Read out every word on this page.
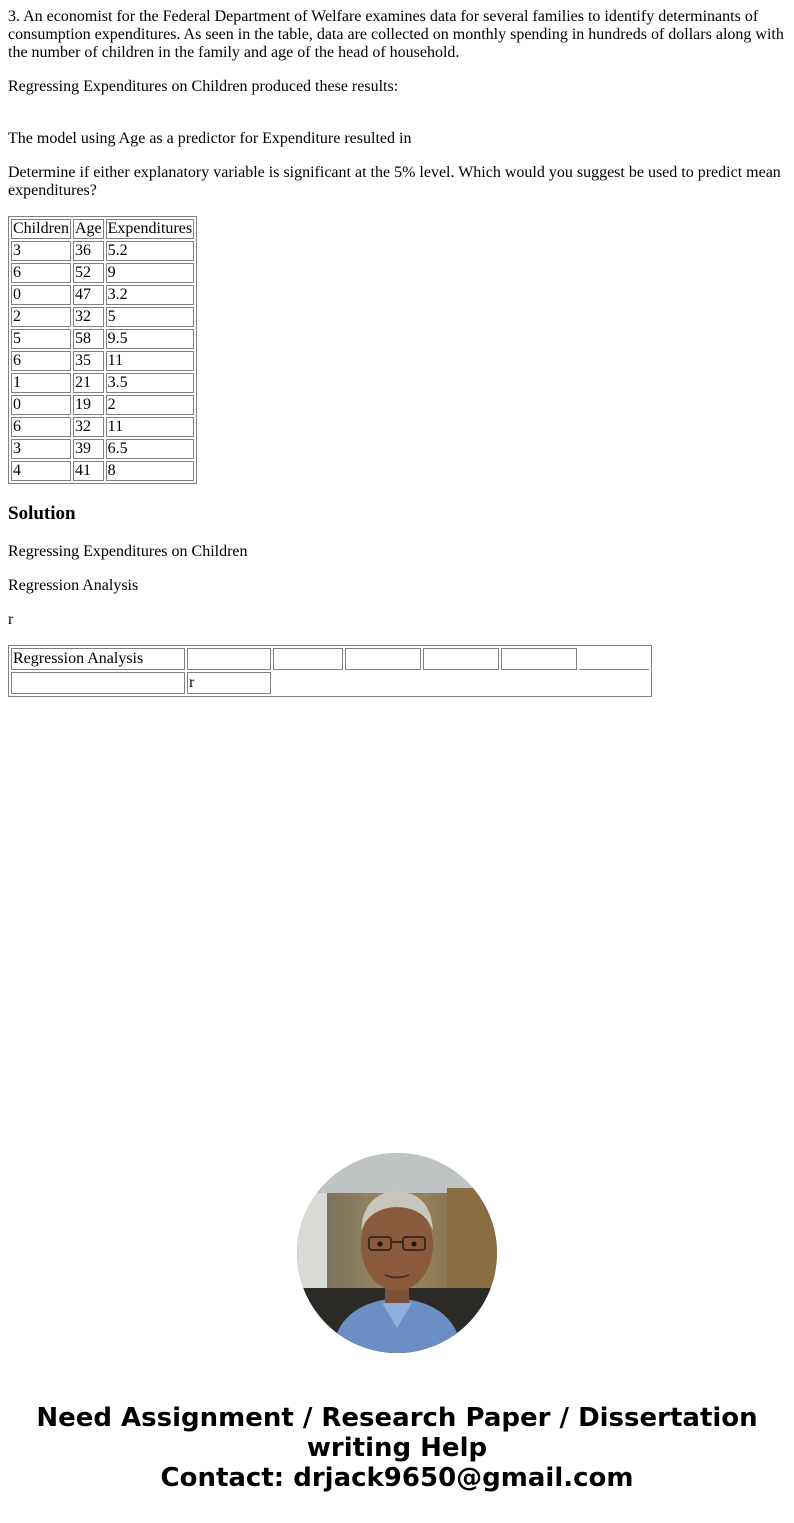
3. An economist for the Federal Department of Welfare examines data for several families to identify determinants of consumption expenditures. As seen in the table, data are collected on monthly spending in hundreds of dollars along with the number of children in the family and age of the head of household.

Regressing Expenditures on Children produced these results:

The model using Age as a predictor for Expenditure resulted in

Determine if either explanatory variable is significant at the 5% level. Which would you suggest be used to predict mean expenditures?

Children	Age	Expenditures
3	36	5.2
6	52	9
0	47	3.2
2	32	5
5	58	9.5
6	35	11
1	21	3.5
0	19	2
6	32	11
3	39	6.5
4	41	8
Solution

Regressing Expenditures on Children

Regression Analysis

r

Regression Analysis						
	r					
Need Assignment / Research Paper / Dissertation
writing Help
Contact: drjack9650@gmail.com
